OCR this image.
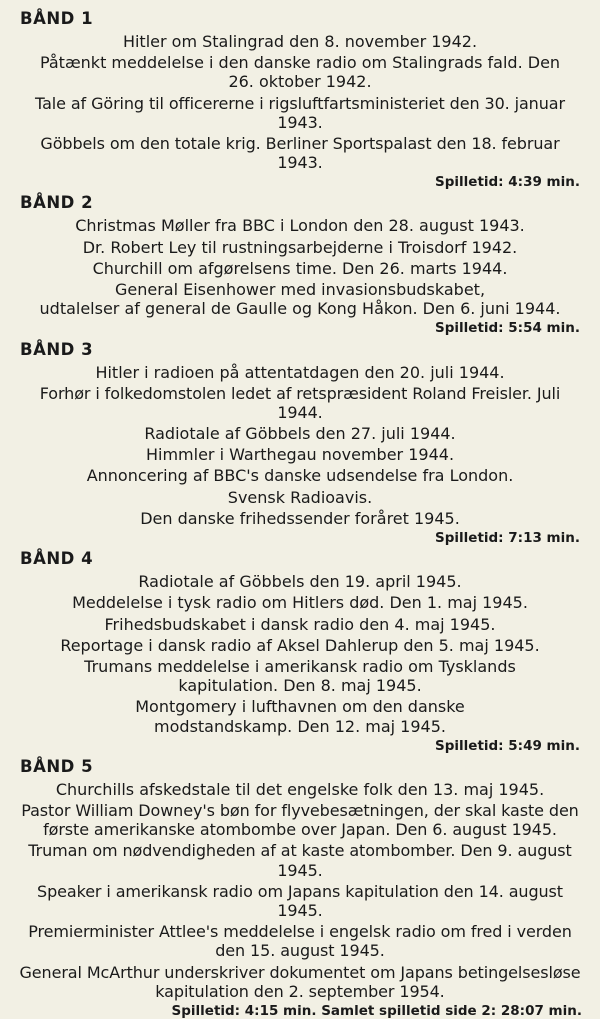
BÅND 1
Hitler om Stalingrad den 8. november 1942.
Påtænkt meddelelse i den danske radio om Stalingrads fald. Den
26. oktober 1942.
Tale af Göring til officererne i rigsluftfartsministeriet den 30. januar 1943.
Göbbels om den totale krig. Berliner Sportspalast den 18. februar 1943.
Spilletid: 4:39 min.
BÅND 2
Christmas Møller fra BBC i London den 28. august 1943.
Dr. Robert Ley til rustningsarbejderne i Troisdorf 1942.
Churchill om afgørelsens time. Den 26. marts 1944.
General Eisenhower med invasionsbudskabet,
udtalelser af general de Gaulle og Kong Håkon. Den 6. juni 1944.
Spilletid: 5:54 min.
BÅND 3
Hitler i radioen på attentatdagen den 20. juli 1944.
Forhør i folkedomstolen ledet af retspræsident Roland Freisler. Juli 1944.
Radiotale af Göbbels den 27. juli 1944.
Himmler i Warthegau november 1944.
Annoncering af BBC's danske udsendelse fra London.
Svensk Radioavis.
Den danske frihedssender foråret 1945.
Spilletid: 7:13 min.
BÅND 4
Radiotale af Göbbels den 19. april 1945.
Meddelelse i tysk radio om Hitlers død. Den 1. maj 1945.
Frihedsbudskabet i dansk radio den 4. maj 1945.
Reportage i dansk radio af Aksel Dahlerup den 5. maj 1945.
Trumans meddelelse i amerikansk radio om Tysklands
kapitulation. Den 8. maj 1945.
Montgomery i lufthavnen om den danske
modstandskamp. Den 12. maj 1945.
Spilletid: 5:49 min.
BÅND 5
Churchills afskedstale til det engelske folk den 13. maj 1945.
Pastor William Downey's bøn for flyvebesætningen, der skal kaste den
første amerikanske atombombe over Japan. Den 6. august 1945.
Truman om nødvendigheden af at kaste atombomber. Den 9. august 1945.
Speaker i amerikansk radio om Japans kapitulation den 14. august 1945.
Premierminister Attlee's meddelelse i engelsk radio om fred i verden
den 15. august 1945.
General McArthur underskriver dokumentet om Japans betingelsesløse
kapitulation den 2. september 1954.
Spilletid: 4:15 min. Samlet spilletid side 2: 28:07 min.
